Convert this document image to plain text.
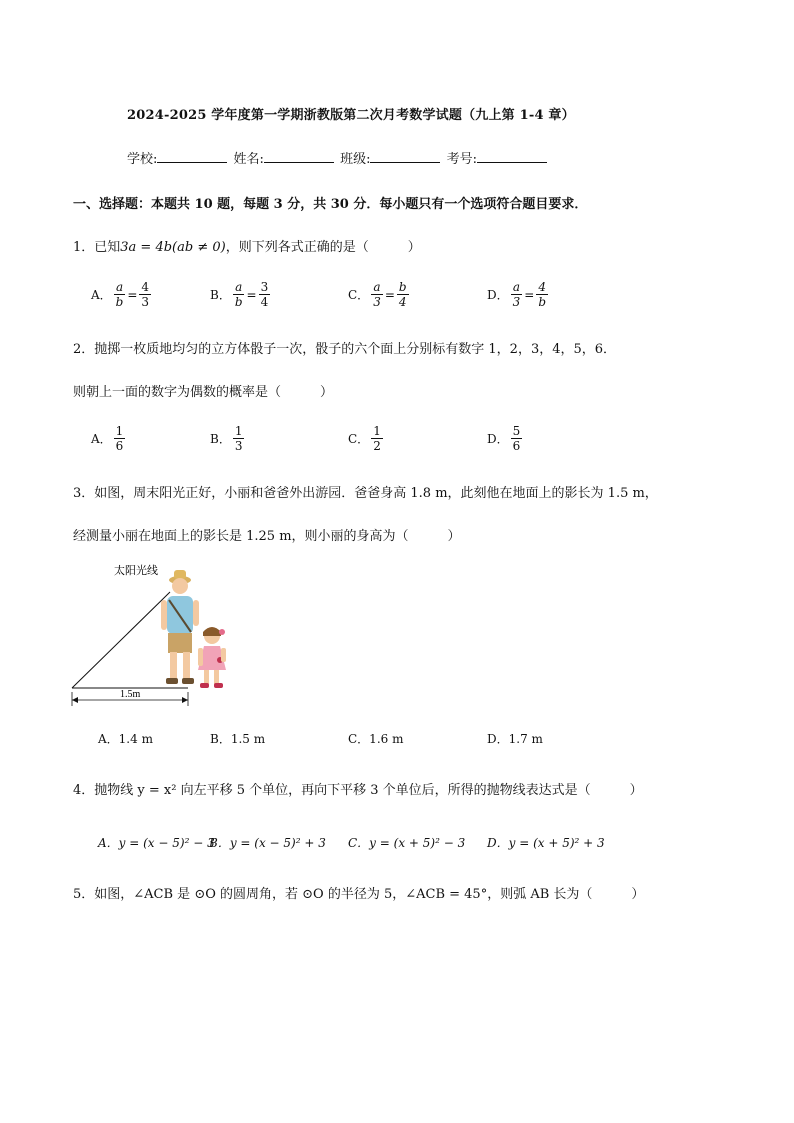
2024-2025 学年度第一学期浙教版第二次月考数学试题（九上第 1-4 章）
学校:	姓名:	班级:	考号:
一、选择题：本题共 10 题，每题 3 分，共 30 分．每小题只有一个选项符合题目要求．
1．已知3a = 4b(ab ≠ 0)，则下列各式正确的是（　　　）
A． $\frac{a}{b} = \frac{4}{3}$	B． $\frac{a}{b} = \frac{3}{4}$	C． $\frac{a}{3} = \frac{b}{4}$	D． $\frac{a}{3} = \frac{4}{b}$
2．抛掷一枚质地均匀的立方体骰子一次，骰子的六个面上分别标有数字 1，2，3，4，5，6．
则朝上一面的数字为偶数的概率是（　　　）
A． $\frac{1}{6}$	B． $\frac{1}{3}$	C． $\frac{1}{2}$	D． $\frac{5}{6}$
3．如图，周末阳光正好，小丽和爸爸外出游园．爸爸身高 1.8 m，此刻他在地面上的影长为 1.5 m，
经测量小丽在地面上的影长是 1.25 m，则小丽的身高为（　　　）
太阳光线
1.5m
A．1.4 m	B．1.5 m	C．1.6 m	D．1.7 m
4．抛物线 y = x² 向左平移 5 个单位，再向下平移 3 个单位后，所得的抛物线表达式是（　　　）
A．y = (x − 5)² − 3
B．y = (x − 5)² + 3 C．y = (x + 5)² − 3 D．y = (x + 5)² + 3
5．如图，∠ACB 是 ⊙O 的圆周角，若 ⊙O 的半径为 5，∠ACB = 45°，则弧 AB 长为（　　　）
